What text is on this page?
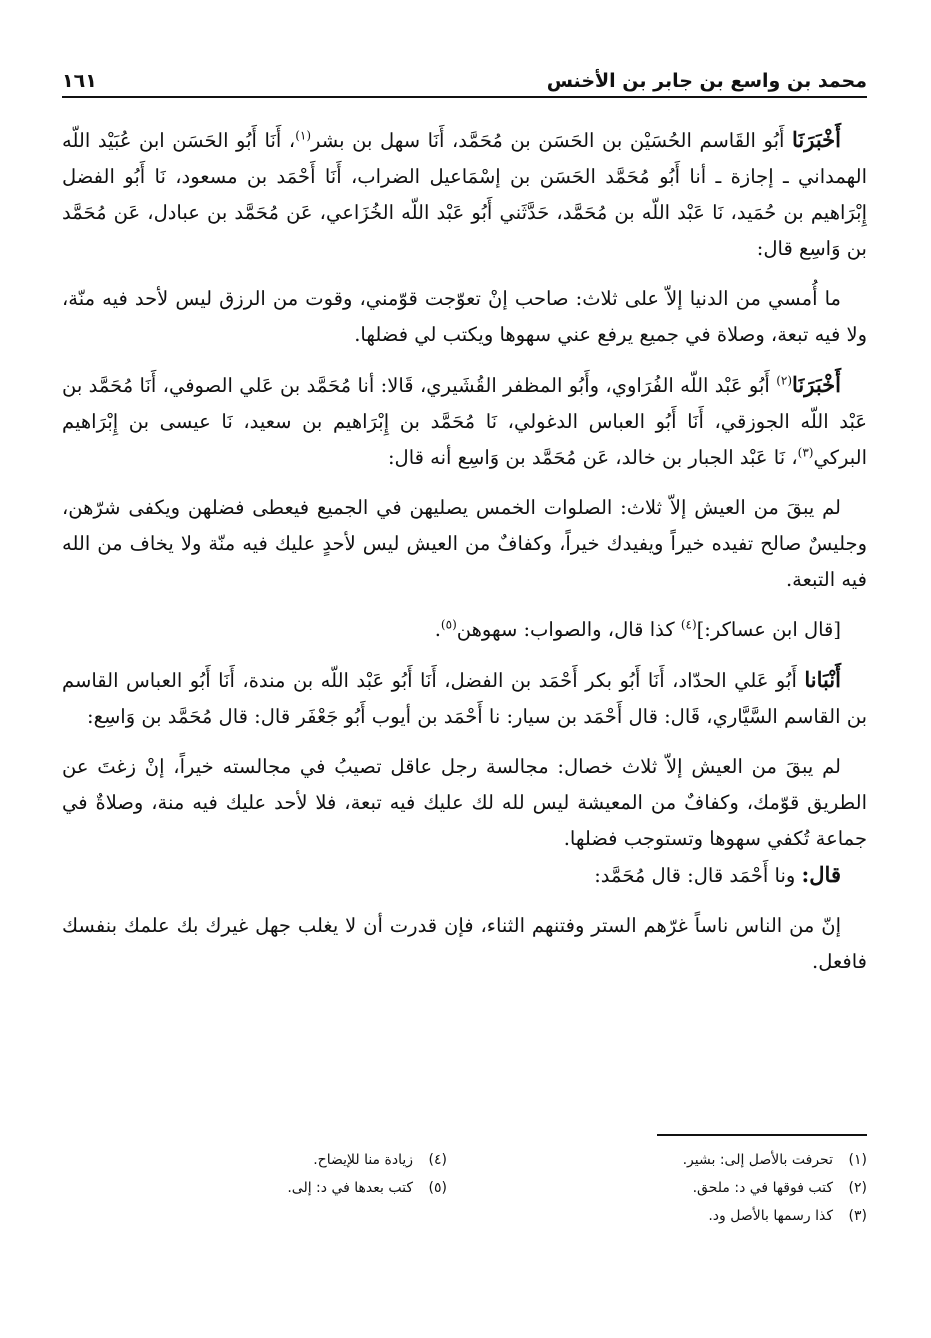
محمد بن واسع بن جابر بن الأخنس
١٦١

أَخْبَرَنَا أَبُو القَاسم الحُسَيْن بن الحَسَن بن مُحَمَّد، أَنَا سهل بن بشر$^{(١)}$، أَنَا أَبُو الحَسَن ابن عُبَيْد اللّه الهمداني ـ إجازة ـ أنا أَبُو مُحَمَّد الحَسَن بن إسْمَاعيل الضراب، أَنَا أَحْمَد بن مسعود، نَا أَبُو الفضل إِبْرَاهيم بن حُمَيد، نَا عَبْد اللّه بن مُحَمَّد، حَدَّثَني أَبُو عَبْد اللّه الخُزَاعي، عَن مُحَمَّد بن عبادل، عَن مُحَمَّد بن وَاسِع قال:

ما أُمسي من الدنيا إلاّ على ثلاث: صاحب إنْ تعوّجت قوّمني، وقوت من الرزق ليس لأحد فيه منّة، ولا فيه تبعة، وصلاة في جميع يرفع عني سهوها ويكتب لي فضلها.

أَخْبَرَنَا$^{(٢)}$ أَبُو عَبْد اللّه الفُرَاوي، وأَبُو المظفر القُشَيري، قَالا: أنا مُحَمَّد بن عَلي الصوفي، أَنَا مُحَمَّد بن عَبْد اللّه الجوزقي، أَنَا أَبُو العباس الدغولي، نَا مُحَمَّد بن إِبْرَاهيم بن سعيد، نَا عيسى بن إِبْرَاهيم البركي$^{(٣)}$، نَا عَبْد الجبار بن خالد، عَن مُحَمَّد بن وَاسِع أنه قال:

لم يبقَ من العيش إلاّ ثلاث: الصلوات الخمس يصليهن في الجميع فيعطى فضلهن ويكفى شرّهن، وجليسٌ صالح تفيده خيراً ويفيدك خيراً، وكفافٌ من العيش ليس لأحدٍ عليك فيه منّة ولا يخاف من الله فيه التبعة.

[قال ابن عساكر:]$^{(٤)}$ كذا قال، والصواب: سهوهن$^{(٥)}$.

أَنْبَانا أَبُو عَلي الحدّاد، أَنَا أَبُو بكر أَحْمَد بن الفضل، أَنَا أَبُو عَبْد اللّه بن مندة، أَنَا أَبُو العباس القاسم بن القاسم السَّيَّاري، قَال: قال أَحْمَد بن سيار: نا أَحْمَد بن أيوب أَبُو جَعْفَر قال: قال مُحَمَّد بن وَاسِع:

لم يبقَ من العيش إلاّ ثلاث خصال: مجالسة رجل عاقل تصيبُ في مجالسته خيراً، إنْ زغتَ عن الطريق قوّمك، وكفافٌ من المعيشة ليس لله لك عليك فيه تبعة، فلا لأحد عليك فيه منة، وصلاةٌ في جماعة تُكفي سهوها وتستوجب فضلها.

قال: ونا أَحْمَد قال: قال مُحَمَّد:

إنّ من الناس ناساً غرّهم الستر وفتنهم الثناء، فإن قدرت أن لا يغلب جهل غيرك بك علمك بنفسك فافعل.

(١)تحرفت بالأصل إلى: بشير.
(٢)كتب فوقها في د: ملحق.
(٣)كذا رسمها بالأصل ود.
(٤)زيادة منا للإيضاح.
(٥)كتب بعدها في د: إلى.
